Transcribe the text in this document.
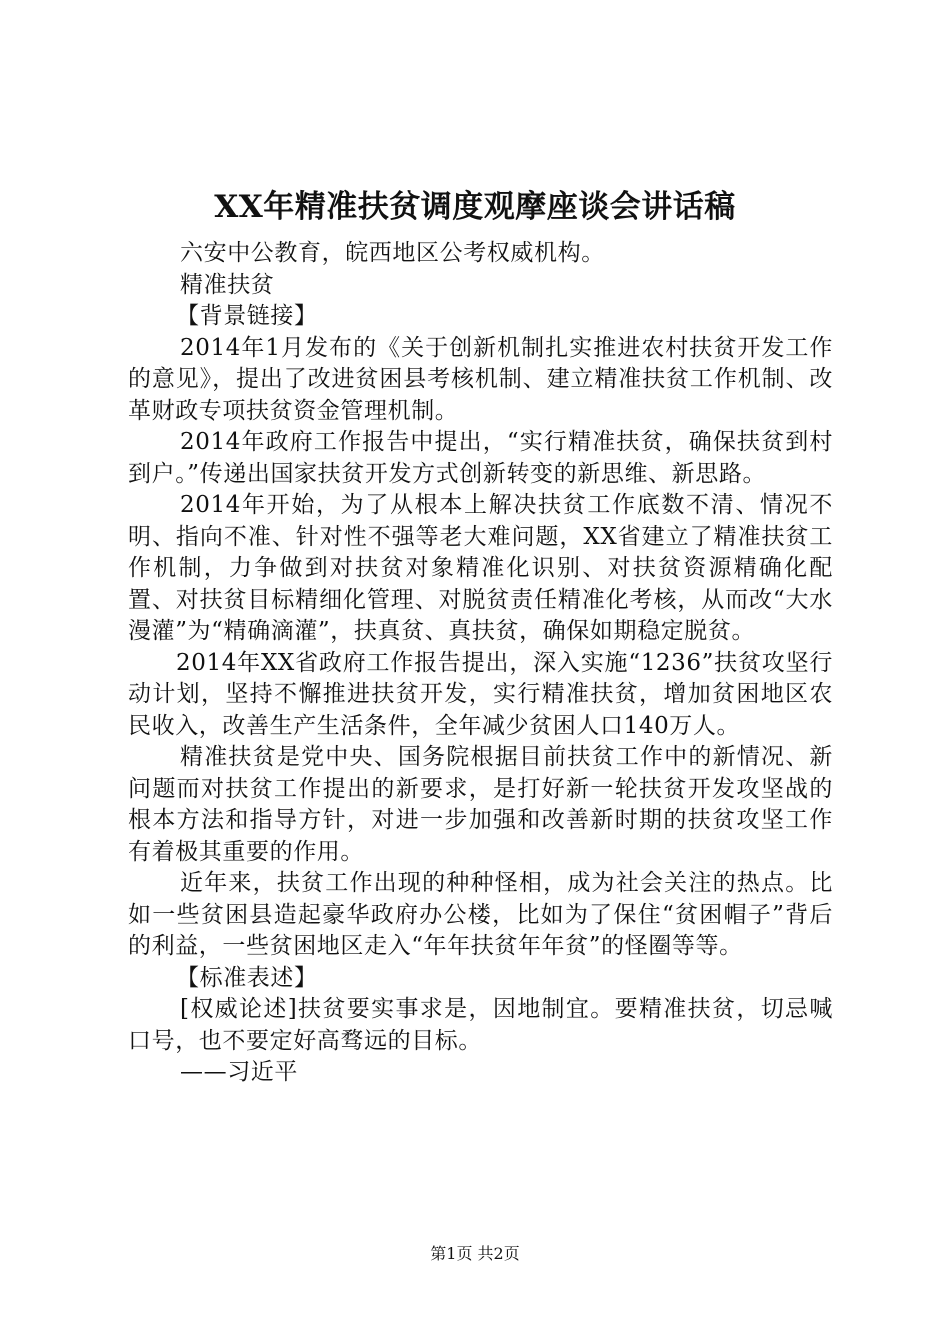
XX年精准扶贫调度观摩座谈会讲话稿

六安中公教育，皖西地区公考权威机构。

精准扶贫

【背景链接】

2014年1月发布的《关于创新机制扎实推进农村扶贫开发工作的意见》，提出了改进贫困县考核机制、建立精准扶贫工作机制、改革财政专项扶贫资金管理机制。

2014年政府工作报告中提出，“实行精准扶贫，确保扶贫到村到户。”传递出国家扶贫开发方式创新转变的新思维、新思路。

2014年开始，为了从根本上解决扶贫工作底数不清、情况不明、指向不准、针对性不强等老大难问题，XX省建立了精准扶贫工作机制，力争做到对扶贫对象精准化识别、对扶贫资源精确化配置、对扶贫目标精细化管理、对脱贫责任精准化考核，从而改“大水漫灌”为“精确滴灌”，扶真贫、真扶贫，确保如期稳定脱贫。

2014年XX省政府工作报告提出，深入实施“1236”扶贫攻坚行动计划，坚持不懈推进扶贫开发，实行精准扶贫，增加贫困地区农民收入，改善生产生活条件，全年减少贫困人口140万人。

精准扶贫是党中央、国务院根据目前扶贫工作中的新情况、新问题而对扶贫工作提出的新要求，是打好新一轮扶贫开发攻坚战的根本方法和指导方针，对进一步加强和改善新时期的扶贫攻坚工作有着极其重要的作用。

近年来，扶贫工作出现的种种怪相，成为社会关注的热点。比如一些贫困县造起豪华政府办公楼，比如为了保住“贫困帽子”背后的利益，一些贫困地区走入“年年扶贫年年贫”的怪圈等等。

【标准表述】

[权威论述]扶贫要实事求是，因地制宜。要精准扶贫，切忌喊口号，也不要定好高骛远的目标。

——习近平

第1页 共2页
